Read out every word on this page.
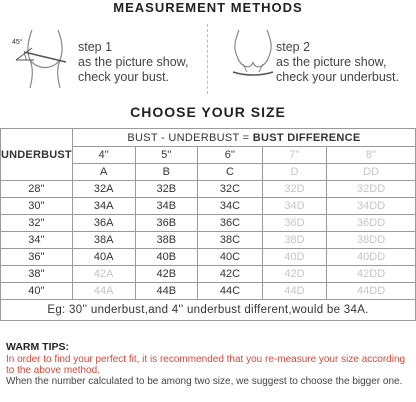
MEASUREMENT METHODS
45°	step 1
as the picture show,
check your bust.
step 2
as the picture show,
check your underbust.
CHOOSE YOUR SIZE
UNDERBUST	BUST - UNDERBUST = BUST DIFFERENCE				
	4''	5''	6''	7''	8''
	A	B	C	D	DD
28''	32A	32B	32C	32D	32DD
30''	34A	34B	34C	34D	34DD
32''	36A	36B	36C	36D	36DD
34''	38A	38B	38C	38D	38DD
36''	40A	40B	40C	40D	40DD
38''	42A	42B	42C	42D	42DD
40''	44A	44B	44C	44D	44DD
Eg: 30'' underbust,and 4'' underbust different,would be 34A.					
WARM TIPS:
In order to find your perfect fit, it is recommended that you re-measure your size according to the above method.
When the number calculated to be among two size, we suggest to choose the bigger one.
